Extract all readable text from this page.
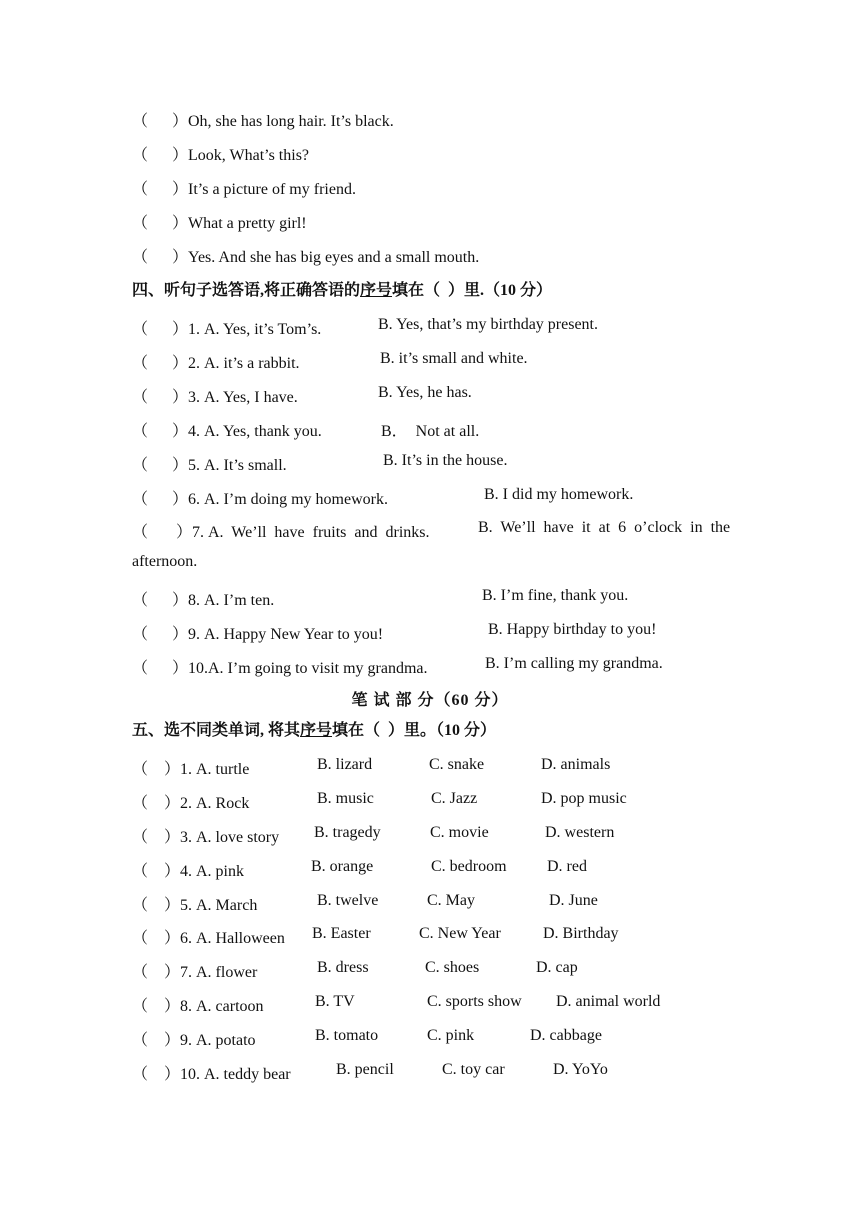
（      ）Oh, she has long hair. It’s black.
（      ）Look, What’s this?
（      ）It’s a picture of my friend.
（      ）What a pretty girl!
（      ）Yes. And she has big eyes and a small mouth.
四、听句子选答语,将正确答语的序号填在（  ）里.（10 分）
（      ）1. A. Yes, it’s Tom’s.	B. Yes, that’s my birthday present.
（      ）2. A. it’s a rabbit.	B. it’s small and white.
（      ）3. A. Yes, I have.	B. Yes, he has.
（      ）4. A. Yes, thank you.	B．  Not at all.
（      ）5. A. It’s small.	B. It’s in the house.
（      ）6. A. I’m doing my homework.	B. I did my homework.
（       ）7. A.  We’ll  have  fruits  and  drinks.	B.  We’ll  have  it  at  6  o’clock  in  the
afternoon.
（      ）8. A. I’m ten.	B. I’m fine, thank you.
（      ）9. A. Happy New Year to you!	B. Happy birthday to you!
（      ）10.A. I’m going to visit my grandma.	B. I’m calling my grandma.
笔 试 部 分（60 分）
五、选不同类单词, 将其序号填在（  ）里。（10 分）
（    ）1. A. turtle	B. lizard	C. snake	D. animals
（    ）2. A. Rock	B. music	C. Jazz	D. pop music
（    ）3. A. love story B. tragedy	C. movie	D. western
（    ）4. A. pink	B. orange	C. bedroom	D. red
（    ）5. A. March	B. twelve	C. May	D. June
（    ）6. A. Halloween B. Easter	C. New Year	D. Birthday
（    ）7. A. flower	B. dress	C. shoes	D. cap
（    ）8. A. cartoon	B. TV	C. sports show D. animal world
（    ）9. A. potato	B. tomato	C. pink	D. cabbage
（    ）10. A. teddy bear	B. pencil	C. toy car	D. YoYo
